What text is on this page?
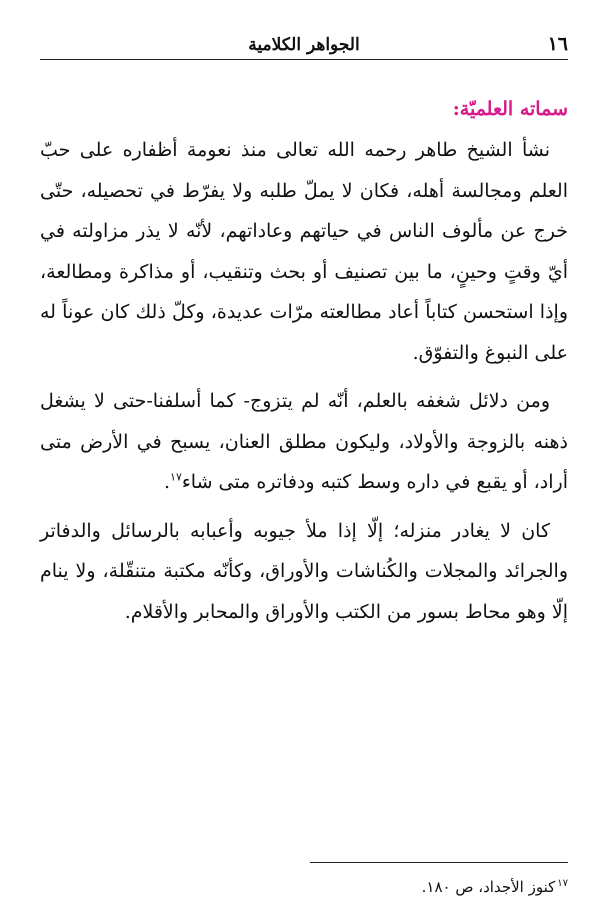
١٦
الجواهر الكلامية
سماته العلميّة:

نشأ الشيخ طاهر رحمه الله تعالى منذ نعومة أظفاره على حبّ العلم ومجالسة أهله، فكان لا يملّ طلبه ولا يفرّط في تحصيله، حتّى خرج عن مألوف الناس في حياتهم وعاداتهم، لأنّه لا يذر مزاولته في أيّ وقتٍ وحينٍ، ما بين تصنيف أو بحث وتنقيب، أو مذاكرة ومطالعة، وإذا استحسن كتاباً أعاد مطالعته مرّات عديدة، وكلّ ذلك كان عوناً له على النبوغ والتفوّق.

ومن دلائل شغفه بالعلم، أنّه لم يتزوج- كما أسلفنا-حتى لا يشغل ذهنه بالزوجة والأولاد، وليكون مطلق العنان، يسبح في الأرض متى أراد، أو يقبع في داره وسط كتبه ودفاتره متى شاء$^{١٧}$.

كان لا يغادر منزله؛ إلّا إذا ملأ جيوبه وأعبابه بالرسائل والدفاتر والجرائد والمجلات والكُناشات والأوراق، وكأنّه مكتبة متنقّلة، ولا ينام إلّا وهو محاط بسور من الكتب والأوراق والمحابر والأقلام.

$^{١٧}$كنوز الأجداد، ص ١٨٠.
